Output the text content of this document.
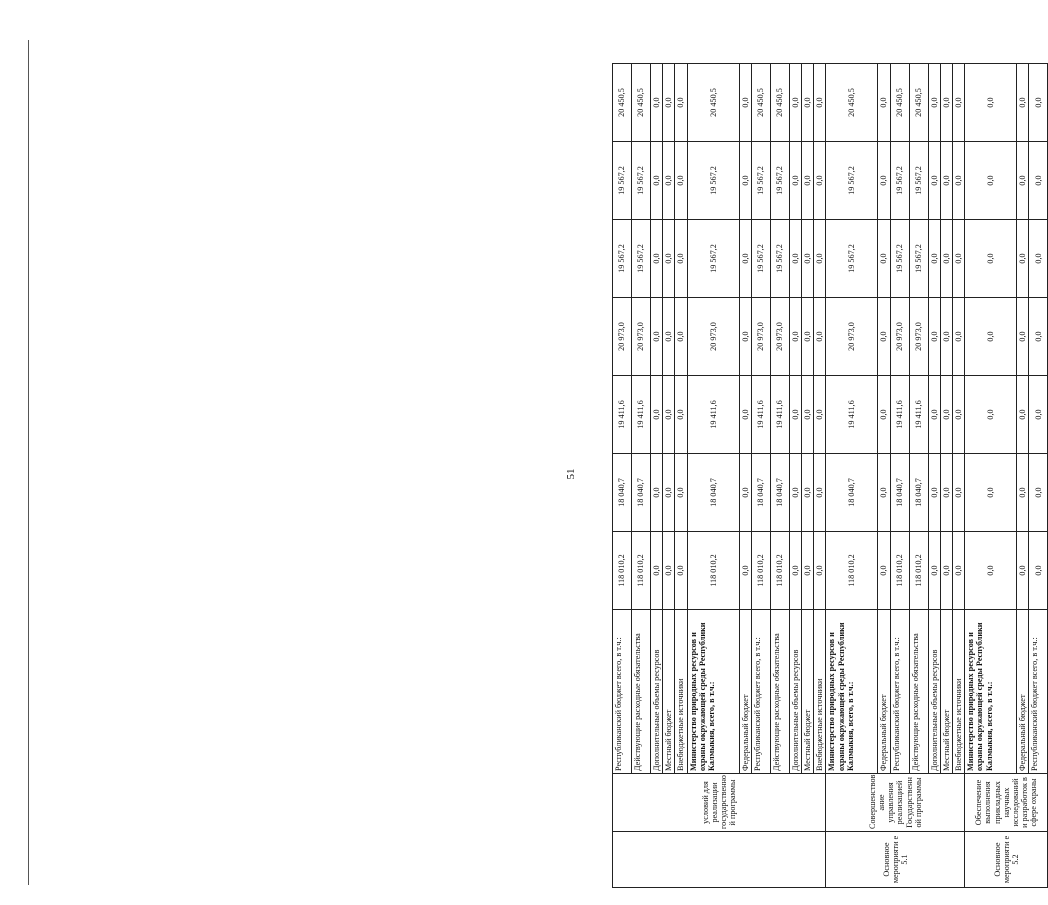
	условий для реализации государственно й программы	Республиканский бюджет всего, в т.ч.:	118 010,2	18 040,7	19 411,6	20 973,0	19 567,2	19 567,2	20 450,5
		Действующие расходные обязательства	118 010,2	18 040,7	19 411,6	20 973,0	19 567,2	19 567,2	20 450,5
		Дополнительные объемы ресурсов	0,0	0,0	0,0	0,0	0,0	0,0	0,0
		Местный бюджет	0,0	0,0	0,0	0,0	0,0	0,0	0,0
		Внебюджетные источники	0,0	0,0	0,0	0,0	0,0	0,0	0,0
		Министерство природных ресурсов и охраны окружающей среды Республики Калмыкия, всего, в т.ч.:	118 010,2	18 040,7	19 411,6	20 973,0	19 567,2	19 567,2	20 450,5
		Федеральный бюджет	0,0	0,0	0,0	0,0	0,0	0,0	0,0
		Республиканский бюджет всего, в т.ч.:	118 010,2	18 040,7	19 411,6	20 973,0	19 567,2	19 567,2	20 450,5
		Действующие расходные обязательства	118 010,2	18 040,7	19 411,6	20 973,0	19 567,2	19 567,2	20 450,5
		Дополнительные объемы ресурсов	0,0	0,0	0,0	0,0	0,0	0,0	0,0
		Местный бюджет	0,0	0,0	0,0	0,0	0,0	0,0	0,0
		Внебюджетные источники	0,0	0,0	0,0	0,0	0,0	0,0	0,0
Основное мероприяти е 5.1	Совершенствов ание управления реализацией Государственн ой программы	Министерство природных ресурсов и охраны окружающей среды Республики Калмыкия, всего, в т.ч.:	118 010,2	18 040,7	19 411,6	20 973,0	19 567,2	19 567,2	20 450,5
		Федеральный бюджет	0,0	0,0	0,0	0,0	0,0	0,0	0,0
		Республиканский бюджет всего, в т.ч.:	118 010,2	18 040,7	19 411,6	20 973,0	19 567,2	19 567,2	20 450,5
		Действующие расходные обязательства	118 010,2	18 040,7	19 411,6	20 973,0	19 567,2	19 567,2	20 450,5
		Дополнительные объемы ресурсов	0,0	0,0	0,0	0,0	0,0	0,0	0,0
		Местный бюджет	0,0	0,0	0,0	0,0	0,0	0,0	0,0
		Внебюджетные источники	0,0	0,0	0,0	0,0	0,0	0,0	0,0
Основное мероприяти е 5.2	Обеспечение выполнения прикладных научных исследований и разработок в сфере охраны	Министерство природных ресурсов и охраны окружающей среды Республики Калмыкия, всего, в т.ч.:	0,0	0,0	0,0	0,0	0,0	0,0	0,0
		Федеральный бюджет	0,0	0,0	0,0	0,0	0,0	0,0	0,0
		Республиканский бюджет всего, в т.ч.:	0,0	0,0	0,0	0,0	0,0	0,0	0,0
51
